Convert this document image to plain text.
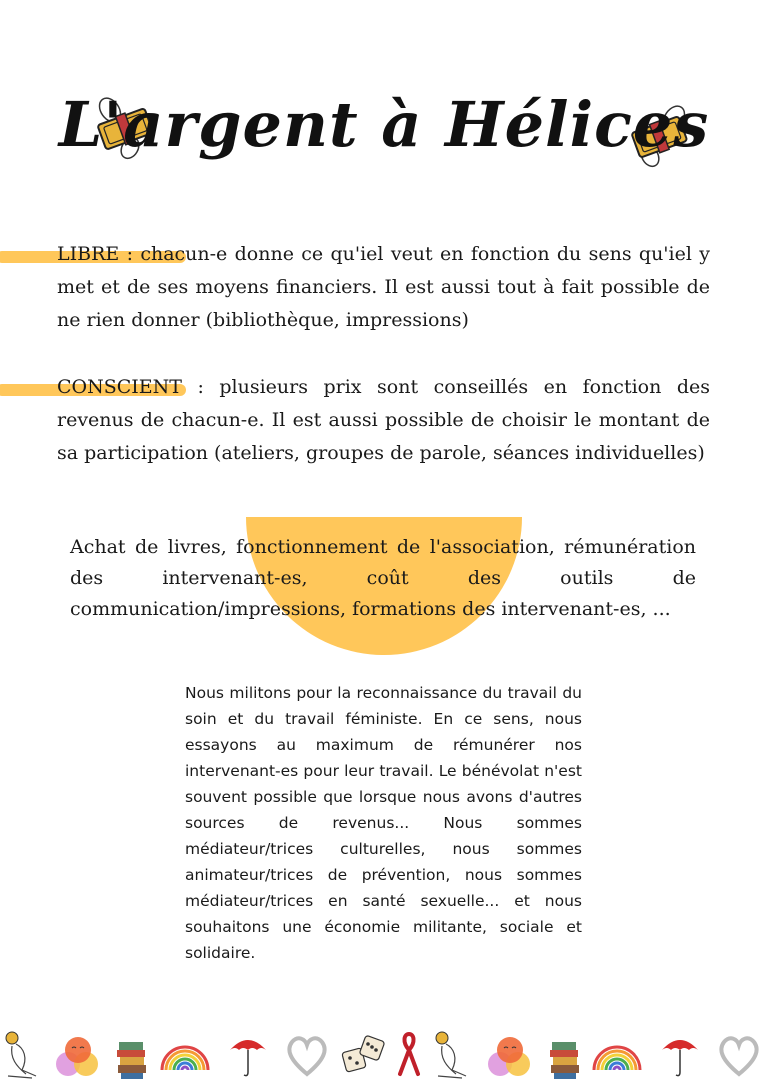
L'argent à Hélices

LIBRE : chacun-e donne ce qu'iel veut en fonction du sens qu'iel y met et de ses moyens financiers. Il est aussi tout à fait possible de ne rien donner (bibliothèque, impressions)

CONSCIENT : plusieurs prix sont conseillés en fonction des revenus de chacun-e. Il est aussi possible de choisir le montant de sa participation (ateliers, groupes de parole, séances individuelles)

Achat de livres, fonctionnement de l'association, rémunération des intervenant-es, coût des outils de communication/impressions, formations des intervenant-es, ...

Nous militons pour la reconnaissance du travail du soin et du travail féministe. En ce sens, nous essayons au maximum de rémunérer nos intervenant-es pour leur travail. Le bénévolat n'est souvent possible que lorsque nous avons d'autres sources de revenus... Nous sommes médiateur/trices culturelles, nous sommes animateur/trices de prévention, nous sommes médiateur/trices en santé sexuelle... et nous souhaitons une économie militante, sociale et solidaire.
